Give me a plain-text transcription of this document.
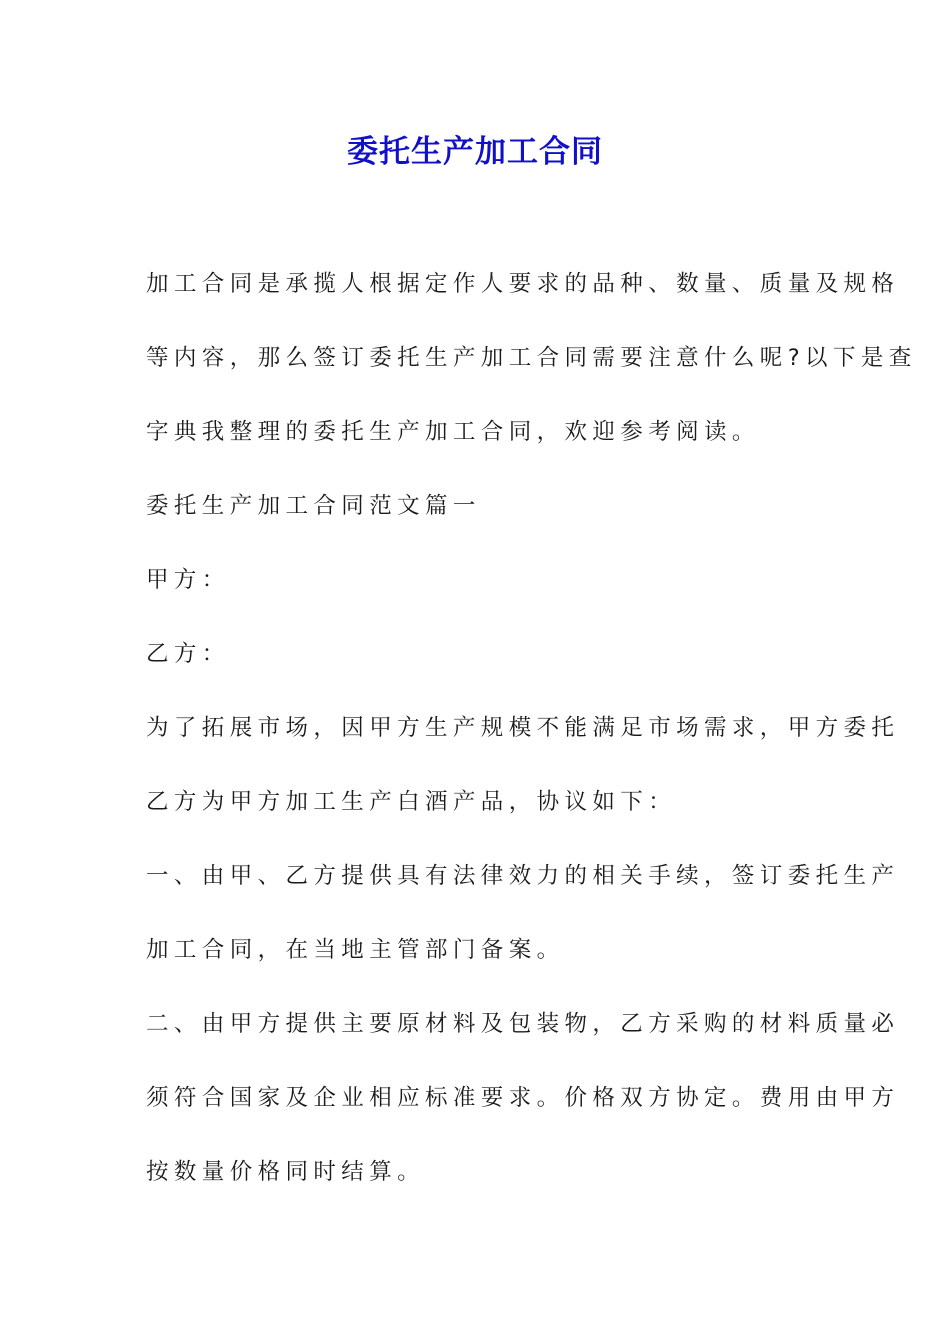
委托生产加工合同
加工合同是承揽人根据定作人要求的品种、数量、质量及规格
等内容，那么签订委托生产加工合同需要注意什么呢?以下是查
字典我整理的委托生产加工合同，欢迎参考阅读。
委托生产加工合同范文篇一
甲方：
乙方：
为了拓展市场，因甲方生产规模不能满足市场需求，甲方委托
乙方为甲方加工生产白酒产品，协议如下：
一、由甲、乙方提供具有法律效力的相关手续，签订委托生产
加工合同，在当地主管部门备案。
二、由甲方提供主要原材料及包装物，乙方采购的材料质量必
须符合国家及企业相应标准要求。价格双方协定。费用由甲方
按数量价格同时结算。
